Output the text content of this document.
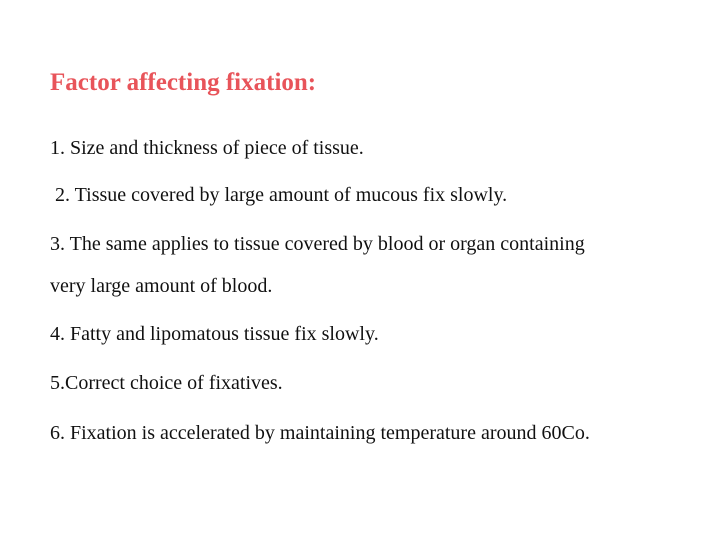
Factor affecting fixation:

1. Size and thickness of piece of tissue.

2. Tissue covered by large amount of mucous fix slowly.

3. The same applies to tissue covered by blood or organ containing

very large amount of blood.

4. Fatty and lipomatous tissue fix slowly.

5.Correct choice of fixatives.

6. Fixation is accelerated by maintaining temperature around 60Co.
